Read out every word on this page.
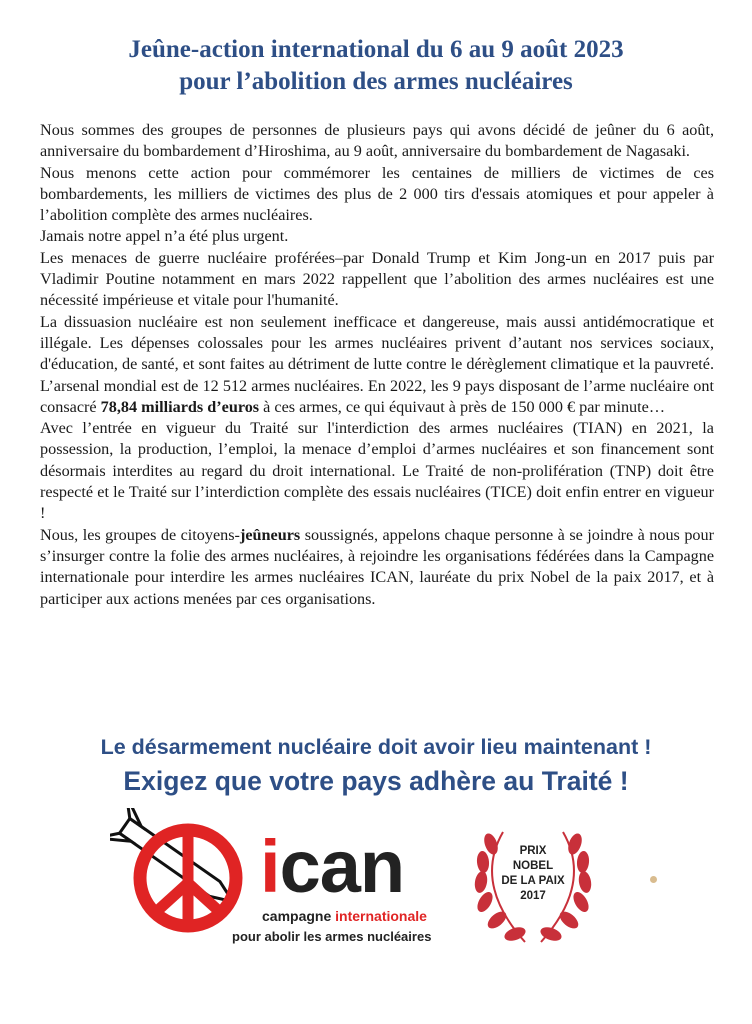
Jeûne-action international du 6 au 9 août 2023
pour l’abolition des armes nucléaires

Nous sommes des groupes de personnes de plusieurs pays qui avons décidé de jeûner du 6 août, anniversaire du bombardement d’Hiroshima, au 9 août, anniversaire du bombardement de Nagasaki.

Nous menons cette action pour commémorer les centaines de milliers de victimes de ces bombardements, les milliers de victimes des plus de 2 000 tirs d'essais atomiques et pour appeler à l’abolition complète des armes nucléaires.

Jamais notre appel n’a été plus urgent.

Les menaces de guerre nucléaire proférées–par Donald Trump et Kim Jong-un en 2017 puis par Vladimir Poutine notamment en mars 2022 rappellent que l’abolition des armes nucléaires est une nécessité impérieuse et vitale pour l'humanité.

La dissuasion nucléaire est non seulement inefficace et dangereuse, mais aussi antidémocratique et illégale. Les dépenses colossales pour les armes nucléaires privent d’autant nos services sociaux, d'éducation, de santé, et sont faites au détriment de lutte contre le dérèglement climatique et la pauvreté. L’arsenal mondial est de 12 512 armes nucléaires. En 2022, les 9 pays disposant de l’arme nucléaire ont consacré 78,84 milliards d’euros à ces armes, ce qui équivaut à près de 150 000 € par minute…

Avec l’entrée en vigueur du Traité sur l'interdiction des armes nucléaires (TIAN) en 2021, la possession, la production, l’emploi, la menace d’emploi d’armes nucléaires et son financement sont désormais interdites au regard du droit international. Le Traité de non-prolifération (TNP) doit être respecté et le Traité sur l’interdiction complète des essais nucléaires (TICE) doit enfin entrer en vigueur !

Nous, les groupes de citoyens-jeûneurs soussignés, appelons chaque personne à se joindre à nous pour s’insurger contre la folie des armes nucléaires, à rejoindre les organisations fédérées dans la Campagne internationale pour interdire les armes nucléaires ICAN, lauréate du prix Nobel de la paix 2017, et à participer aux actions menées par ces organisations.

Le désarmement nucléaire doit avoir lieu maintenant !
Exigez que votre pays adhère au Traité !
ican
campagne internationale
pour abolir les armes nucléaires
PRIX
NOBEL
DE LA PAIX
2017
